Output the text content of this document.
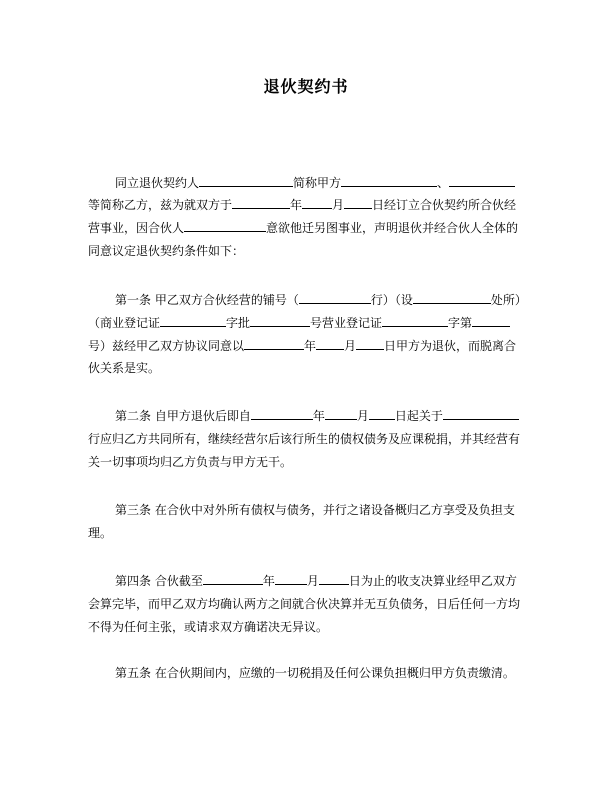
退伙契约书
同立退伙契约人	简称甲方	、
等简称乙方，兹为就双方于	年	月 日经订立合伙契约所合伙经
营事业，因合伙人	意欲他迁另图事业，声明退伙并经合伙人全体的
同意议定退伙契约条件如下：
第一条 甲乙双方合伙经营的铺号（	行）（设	处所）
（商业登记证	字批	号营业登记证	字第
号）兹经甲乙双方协议同意以	年 月 日甲方为退伙，而脱离合
伙关系是实。
第二条 自甲方退伙后即自	年	月 日起关于
行应归乙方共同所有，继续经营尔后该行所生的债权债务及应课税捐，并其经营有
关一切事项均归乙方负责与甲方无干。
第三条 在合伙中对外所有债权与债务，并行之诸设备概归乙方享受及负担支
理。
第四条 合伙截至	年	月	日为止的收支决算业经甲乙双方
会算完毕，而甲乙双方均确认两方之间就合伙决算并无互负债务，日后任何一方均
不得为任何主张，或请求双方确诺决无异议。
第五条 在合伙期间内，应缴的一切税捐及任何公课负担概归甲方负责缴清。
